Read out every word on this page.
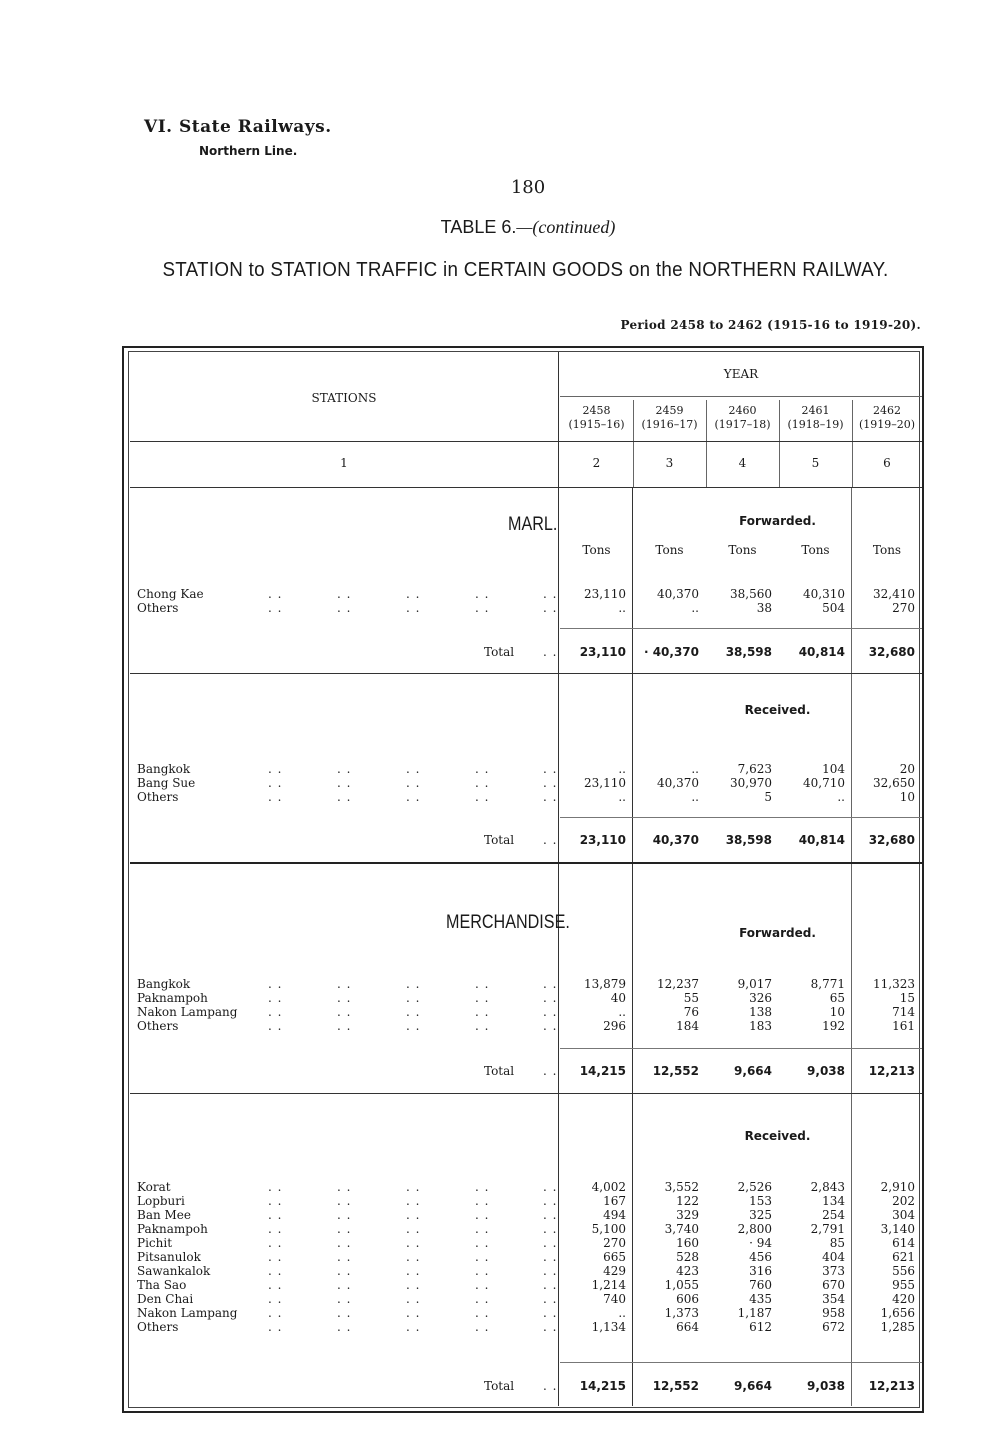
VI. State Railways.
Northern Line.
180
TABLE 6.—(continued)
STATION to STATION TRAFFIC in CERTAIN GOODS on the NORTHERN RAILWAY.
Period 2458 to 2462 (1915-16 to 1919-20).
STATIONS
YEAR
2458
(1915–16)
2459
(1916–17)
2460
(1917–18)
2461
(1918–19)
2462
(1919–20)
1	2	3	4	5	6
MARL.	Forwarded.
Tons	Tons	Tons	Tons	Tons
Chong Kae	. .	. .	. .	. .	. . 23,110	40,370	38,560	40,310 32,410
Others	. .	. .	. .	. .	. .	..	..	38	504	270
Total . . 23,110 · 40,370 38,598 40,814 32,680
Received.
Bangkok	. .	. .	. .	. .	. .	..	..	7,623	104	20
Bang Sue	. .	. .	. .	. .	. . 23,110	40,370	30,970	40,710 32,650
Others	. .	. .	. .	. .	. .	..	..	5	..	10
Total . . 23,110 40,370 38,598 40,814 32,680
MERCHANDISE.	Forwarded.
Bangkok	. .	. .	. .	. .	. . 13,879	12,237	9,017	8,771 11,323
Paknampoh	. .	. .	. .	. .	. .	40	55	326	65	15
Nakon Lampang	. .	. .	. .	. .	. .	..	76	138	10	714
Others	. .	. .	. .	. .	. .	296	184	183	192	161
Total . . 14,215 12,552	9,664	9,038 12,213
Received.
Korat	. .	. .	. .	. .	. .	4,002	3,552	2,526	2,843	2,910
Lopburi	. .	. .	. .	. .	. .	167	122	153	134	202
Ban Mee	. .	. .	. .	. .	. .	494	329	325	254	304
Paknampoh	. .	. .	. .	. .	. .	5,100	3,740	2,800	2,791	3,140
Pichit	. .	. .	. .	. .	. .	270	160	· 94	85	614
Pitsanulok	. .	. .	. .	. .	. .	665	528	456	404	621
Sawankalok	. .	. .	. .	. .	. .	429	423	316	373	556
Tha Sao	. .	. .	. .	. .	. .	1,214	1,055	760	670	955
Den Chai	. .	. .	. .	. .	. .	740	606	435	354	420
Nakon Lampang	. .	. .	. .	. .	. .	..	1,373	1,187	958	1,656
Others	. .	. .	. .	. .	. .	1,134	664	612	672	1,285
Total . . 14,215 12,552	9,664	9,038 12,213
